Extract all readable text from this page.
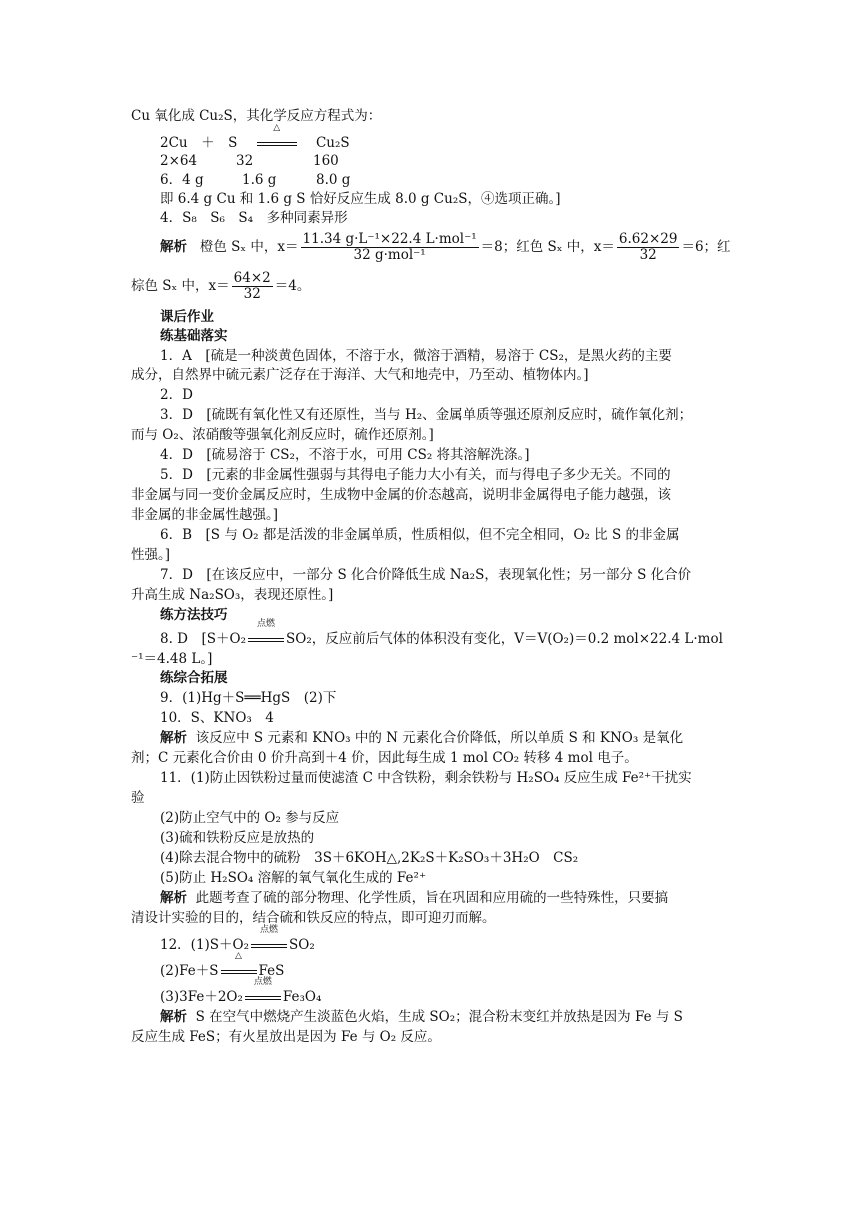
Cu 氧化成 Cu₂S，其化学反应方程式为：
2Cu　＋　S
△
Cu₂S
2×64	32	160
6．4 g	1.6 g	8.0 g
即 6.4 g Cu 和 1.6 g S 恰好反应生成 8.0 g Cu₂S，④选项正确。]
4．S₈　S₆　S₄　多种同素异形
解析 橙色 Sₓ 中，$x= \frac{\text{11.34 g·L⁻¹×22.4 L·mol⁻¹}}{\text{32 g·mol⁻¹}} =8$；红色 Sₓ 中，$x= \frac{6.62\times 29}{32} =6$；红
棕色 Sₓ 中，$x= \frac{64\times 2}{32} =4$。
课后作业
练基础落实
1．A　[硫是一种淡黄色固体，不溶于水，微溶于酒精，易溶于 CS₂，是黑火药的主要
成分，自然界中硫元素广泛存在于海洋、大气和地壳中，乃至动、植物体内。]
2．D
3．D　[硫既有氧化性又有还原性，当与 H₂、金属单质等强还原剂反应时，硫作氧化剂；
而与 O₂、浓硝酸等强氧化剂反应时，硫作还原剂。]
4．D　[硫易溶于 CS₂，不溶于水，可用 CS₂ 将其溶解洗涤。]
5．D　[元素的非金属性强弱与其得电子能力大小有关，而与得电子多少无关。不同的
非金属与同一变价金属反应时，生成物中金属的价态越高，说明非金属得电子能力越强，该
非金属的非金属性越强。]
6．B　[S 与 O₂ 都是活泼的非金属单质，性质相似，但不完全相同，O₂ 比 S 的非金属
性强。]
7．D　[在该反应中，一部分 S 化合价降低生成 Na₂S，表现氧化性；另一部分 S 化合价
升高生成 Na₂SO₃，表现还原性。]
练方法技巧
8. D　[S＋O₂
点燃
SO₂，反应前后气体的体积没有变化，V＝V(O₂)＝0.2 mol×22.4 L·mol
⁻¹＝4.48 L。]
练综合拓展
9．(1)Hg＋S══HgS　(2)下
10．S、KNO₃　4
解析 该反应中 S 元素和 KNO₃ 中的 N 元素化合价降低，所以单质 S 和 KNO₃ 是氧化
剂；C 元素化合价由 0 价升高到＋4 价，因此每生成 1 mol CO₂ 转移 4 mol 电子。
11．(1)防止因铁粉过量而使滤渣 C 中含铁粉，剩余铁粉与 H₂SO₄ 反应生成 Fe²⁺干扰实
验
(2)防止空气中的 O₂ 参与反应
(3)硫和铁粉反应是放热的
(4)除去混合物中的硫粉　3S＋6KOH△,2K₂S＋K₂SO₃＋3H₂O　CS₂
(5)防止 H₂SO₄ 溶解的氧气氧化生成的 Fe²⁺
解析 此题考查了硫的部分物理、化学性质，旨在巩固和应用硫的一些特殊性，只要搞
清设计实验的目的，结合硫和铁反应的特点，即可迎刃而解。
12．(1)S＋O₂
点燃
SO₂
(2)Fe＋S
△
FeS
(3)3Fe＋2O₂
点燃
Fe₃O₄
解析 S 在空气中燃烧产生淡蓝色火焰，生成 SO₂；混合粉末变红并放热是因为 Fe 与 S
反应生成 FeS；有火星放出是因为 Fe 与 O₂ 反应。
